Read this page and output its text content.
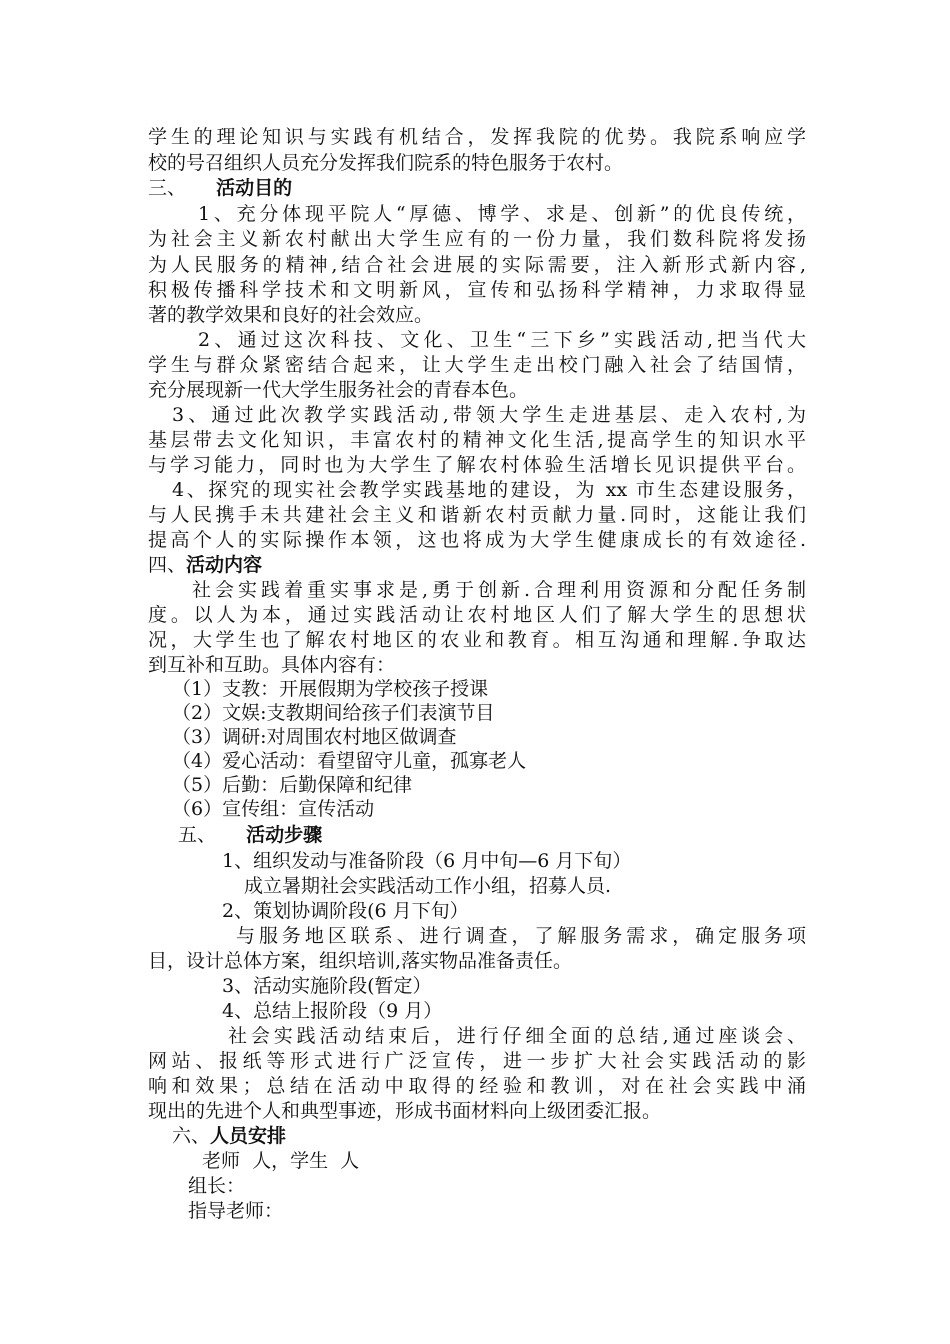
学生的理论知识与实践有机结合，发挥我院的优势。我院系响应学
校的号召组织人员充分发挥我们院系的特色服务于农村。
三、 活动目的
1、充分体现平院人“厚德、博学、求是、创新”的优良传统，
为社会主义新农村献出大学生应有的一份力量，我们数科院将发扬
为人民服务的精神,结合社会进展的实际需要，注入新形式新内容,
积极传播科学技术和文明新风，宣传和弘扬科学精神，力求取得显
著的教学效果和良好的社会效应。
2、通过这次科技、文化、卫生“三下乡”实践活动,把当代大
学生与群众紧密结合起来，让大学生走出校门融入社会了结国情，
充分展现新一代大学生服务社会的青春本色。
3、通过此次教学实践活动,带领大学生走进基层、走入农村,为
基层带去文化知识，丰富农村的精神文化生活,提高学生的知识水平
与学习能力，同时也为大学生了解农村体验生活增长见识提供平台。
4、探究的现实社会教学实践基地的建设，为 xx 市生态建设服务，
与人民携手未共建社会主义和谐新农村贡献力量.同时，这能让我们
提高个人的实际操作本领，这也将成为大学生健康成长的有效途径.
四、活动内容
社会实践着重实事求是,勇于创新.合理利用资源和分配任务制
度。以人为本，通过实践活动让农村地区人们了解大学生的思想状
况，大学生也了解农村地区的农业和教育。相互沟通和理解.争取达
到互补和互助。具体内容有：
（1）支教：开展假期为学校孩子授课
（2）文娱:支教期间给孩子们表演节目
（3）调研:对周围农村地区做调查
（4）爱心活动：看望留守儿童，孤寡老人
（5）后勤：后勤保障和纪律
（6）宣传组：宣传活动
五、 活动步骤
1、组织发动与准备阶段（6 月中旬—6 月下旬）
成立暑期社会实践活动工作小组，招募人员.
2、策划协调阶段(6 月下旬）
与服务地区联系、进行调查，了解服务需求，确定服务项
目，设计总体方案，组织培训,落实物品准备责任。
3、活动实施阶段(暂定）
4、总结上报阶段（9 月）
社会实践活动结束后，进行仔细全面的总结,通过座谈会、
网站、报纸等形式进行广泛宣传，进一步扩大社会实践活动的影
响和效果；总结在活动中取得的经验和教训，对在社会实践中涌
现出的先进个人和典型事迹，形成书面材料向上级团委汇报。
六、人员安排
老师  人，学生  人
组长：
指导老师：
